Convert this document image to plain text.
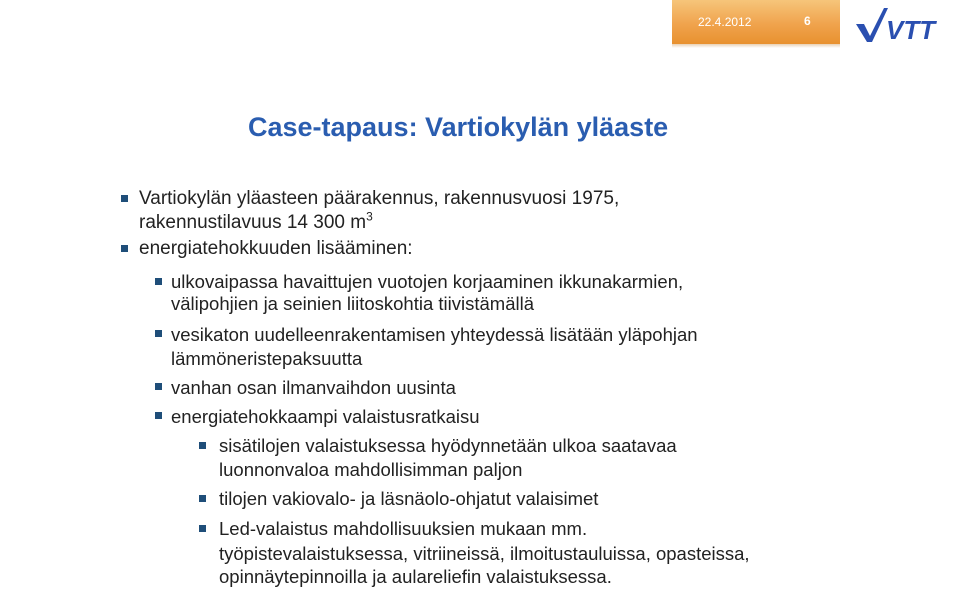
22.4.2012	6	VTT
Case-tapaus: Vartiokylän yläaste
Vartiokylän yläasteen päärakennus, rakennusvuosi 1975,
rakennustilavuus 14 300 $m^3$
energiatehokkuuden lisääminen:
ulkovaipassa havaittujen vuotojen korjaaminen ikkunakarmien,
välipohjien ja seinien liitoskohtia tiivistämällä
vesikaton uudelleenrakentamisen yhteydessä lisätään yläpohjan
lämmöneristepaksuutta
vanhan osan ilmanvaihdon uusinta
energiatehokkaampi valaistusratkaisu
sisätilojen valaistuksessa hyödynnetään ulkoa saatavaa
luonnonvaloa mahdollisimman paljon
tilojen vakiovalo- ja läsnäolo-ohjatut valaisimet
Led-valaistus mahdollisuuksien mukaan mm.
työpistevalaistuksessa, vitriineissä, ilmoitustauluissa, opasteissa,
opinnäytepinnoilla ja aulareliefin valaistuksessa.
